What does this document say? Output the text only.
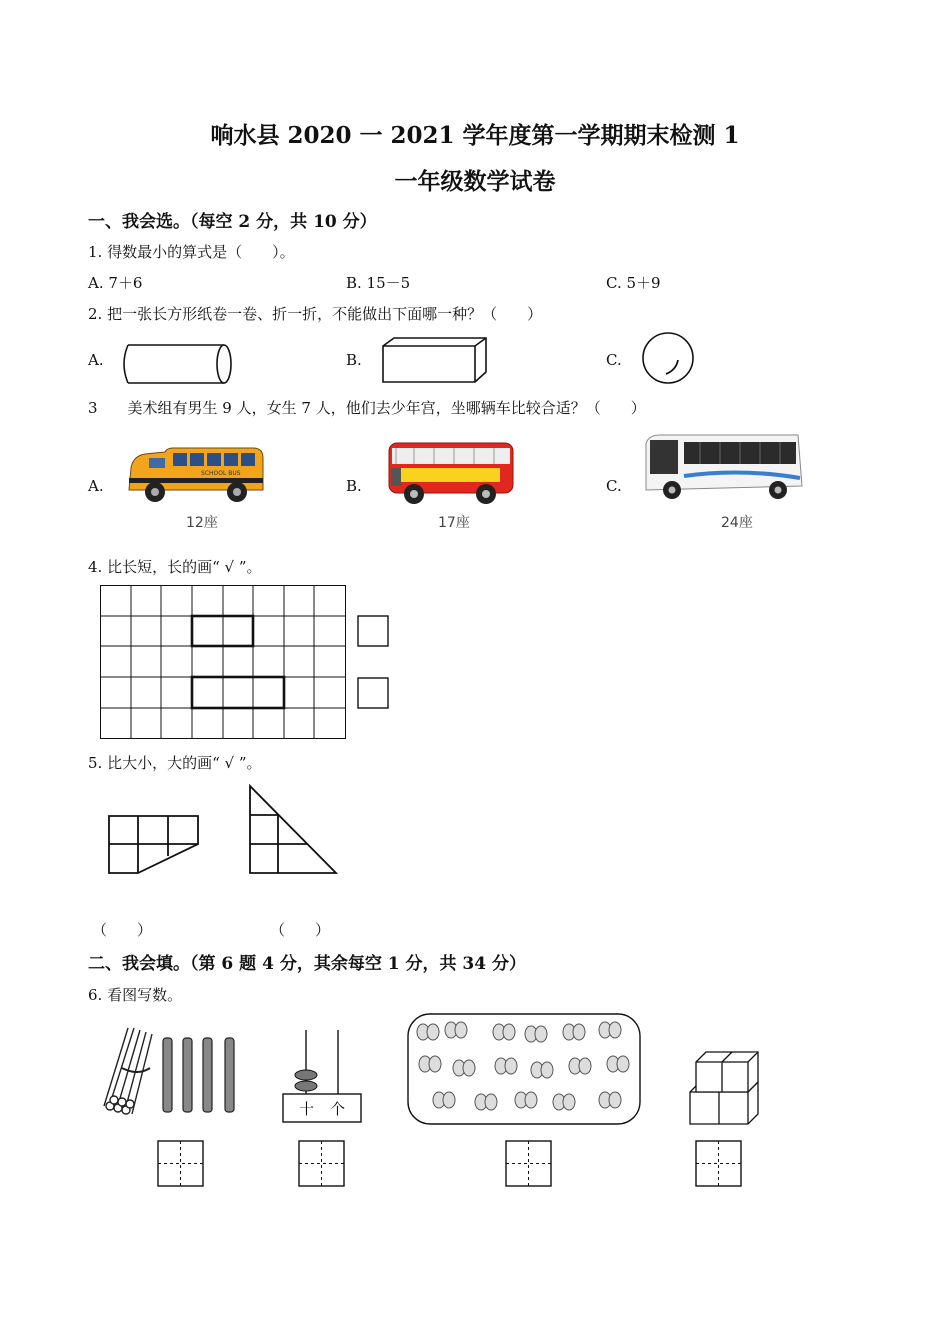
响水县 2020 一 2021 学年度第一学期期末检测 1
一年级数学试卷
一、我会选。（每空 2 分，共 10 分）
1. 得数最小的算式是（　　）。
A. 7＋6	B. 15－5	C. 5＋9
2. 把一张长方形纸卷一卷、折一折，不能做出下面哪一种？（　　）
A.	B.	C.
3　　美术组有男生 9 人，女生 7 人，他们去少年宫，坐哪辆车比较合适？（　　）
A.	B.	C.
SCHOOL BUS
12座	17座	24座
4. 比长短，长的画“ √ ”。
5. 比大小，大的画“ √ ”。
（　　）	（　　）
二、我会填。（第 6 题 4 分，其余每空 1 分，共 34 分）
6. 看图写数。
十 个
